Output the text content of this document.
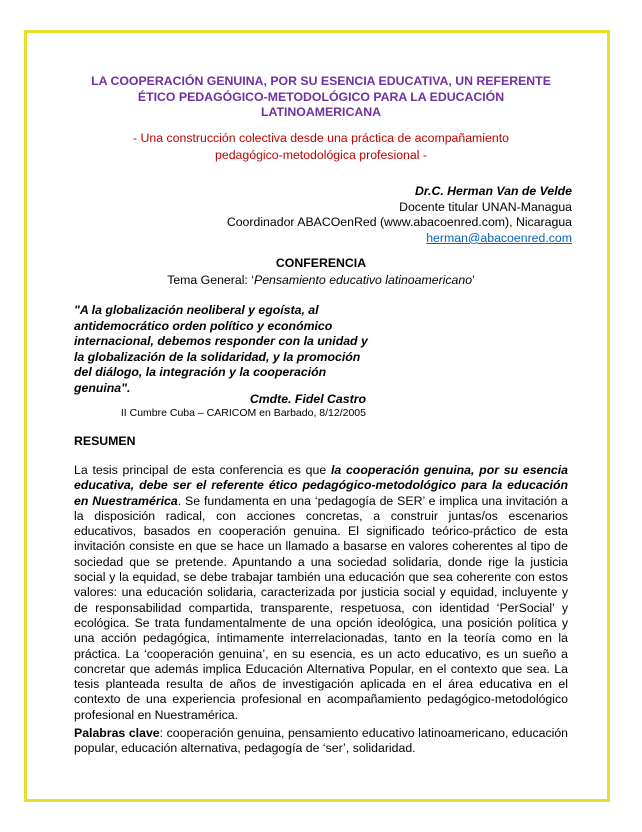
LA COOPERACIÓN GENUINA, POR SU ESENCIA EDUCATIVA, UN REFERENTE ÉTICO PEDAGÓGICO-METODOLÓGICO PARA LA EDUCACIÓN LATINOAMERICANA

- Una construcción colectiva desde una práctica de acompañamiento pedagógico-metodológica profesional -

Dr.C. Herman Van de Velde
Docente titular UNAN-Managua
Coordinador ABACOenRed (www.abacoenred.com), Nicaragua
herman@abacoenred.com
CONFERENCIA
Tema General: ‘Pensamiento educativo latinoamericano’

"A la globalización neoliberal y egoísta, al antidemocrático orden político y económico internacional, debemos responder con la unidad y la globalización de la solidaridad, y la promoción del diálogo, la integración y la cooperación genuina".

Cmdte. Fidel Castro
II Cumbre Cuba – CARICOM en Barbado, 8/12/2005
RESUMEN

La tesis principal de esta conferencia es que la cooperación genuina, por su esencia educativa, debe ser el referente ético pedagógico-metodológico para la educación en Nuestramérica. Se fundamenta en una ‘pedagogía de SER’ e implica una invitación a la disposición radical, con acciones concretas, a construir juntas/os escenarios educativos, basados en cooperación genuina. El significado teórico-práctico de esta invitación consiste en que se hace un llamado a basarse en valores coherentes al tipo de sociedad que se pretende. Apuntando a una sociedad solidaria, donde rige la justicia social y la equidad, se debe trabajar también una educación que sea coherente con estos valores: una educación solidaria, caracterizada por justicia social y equidad, incluyente y de responsabilidad compartida, transparente, respetuosa, con identidad ‘PerSocial’ y ecológica. Se trata fundamentalmente de una opción ideológica, una posición política y una acción pedagógica, íntimamente interrelacionadas, tanto en la teoría como en la práctica. La ‘cooperación genuina’, en su esencia, es un acto educativo, es un sueño a concretar que además implica Educación Alternativa Popular, en el contexto que sea. La tesis planteada resulta de años de investigación aplicada en el área educativa en el contexto de una experiencia profesional en acompañamiento pedagógico-metodológico profesional en Nuestramérica.

Palabras clave: cooperación genuina, pensamiento educativo latinoamericano, educación popular, educación alternativa, pedagogía de ‘ser’, solidaridad.
